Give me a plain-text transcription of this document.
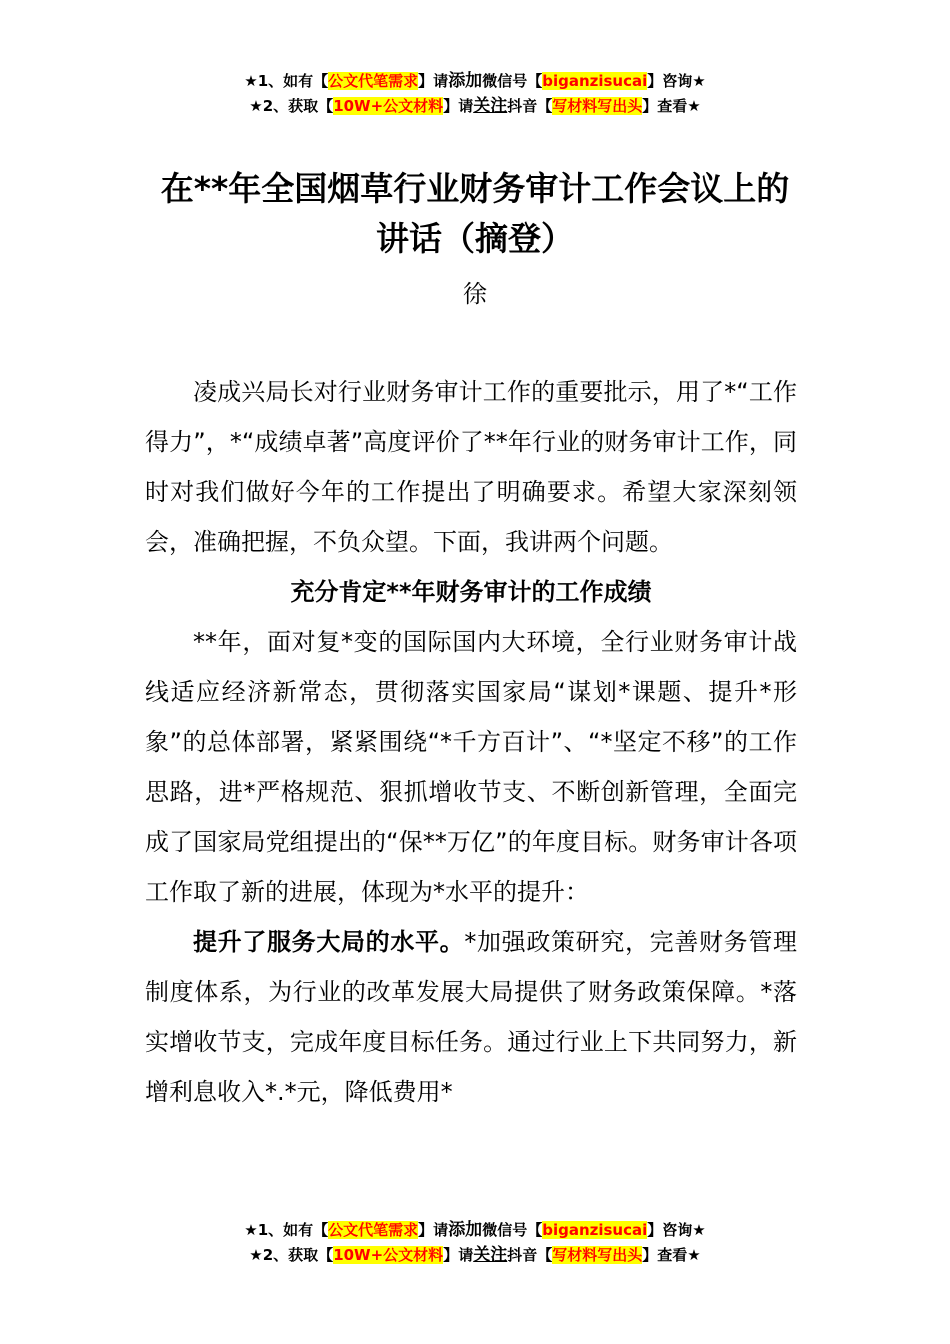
★1、如有【公文代笔需求】请添加微信号【biganzisucai】咨询★
★2、获取【10W+公文材料】请关注抖音【写材料写出头】查看★
在**年全国烟草行业财务审计工作会议上的讲话（摘登）
徐

凌成兴局长对行业财务审计工作的重要批示，用了*“工作得力”，*“成绩卓著”高度评价了**年行业的财务审计工作，同时对我们做好今年的工作提出了明确要求。希望大家深刻领会，准确把握，不负众望。下面，我讲两个问题。

充分肯定**年财务审计的工作成绩

**年，面对复*变的国际国内大环境，全行业财务审计战线适应经济新常态，贯彻落实国家局“谋划*课题、提升*形象”的总体部署，紧紧围绕“*千方百计”、“*坚定不移”的工作思路，进*严格规范、狠抓增收节支、不断创新管理，全面完成了国家局党组提出的“保**万亿”的年度目标。财务审计各项工作取了新的进展，体现为*水平的提升：

提升了服务大局的水平。*加强政策研究，完善财务管理制度体系，为行业的改革发展大局提供了财务政策保障。*落实增收节支，完成年度目标任务。通过行业上下共同努力，新增利息收入*.*元，降低费用*

★1、如有【公文代笔需求】请添加微信号【biganzisucai】咨询★
★2、获取【10W+公文材料】请关注抖音【写材料写出头】查看★
